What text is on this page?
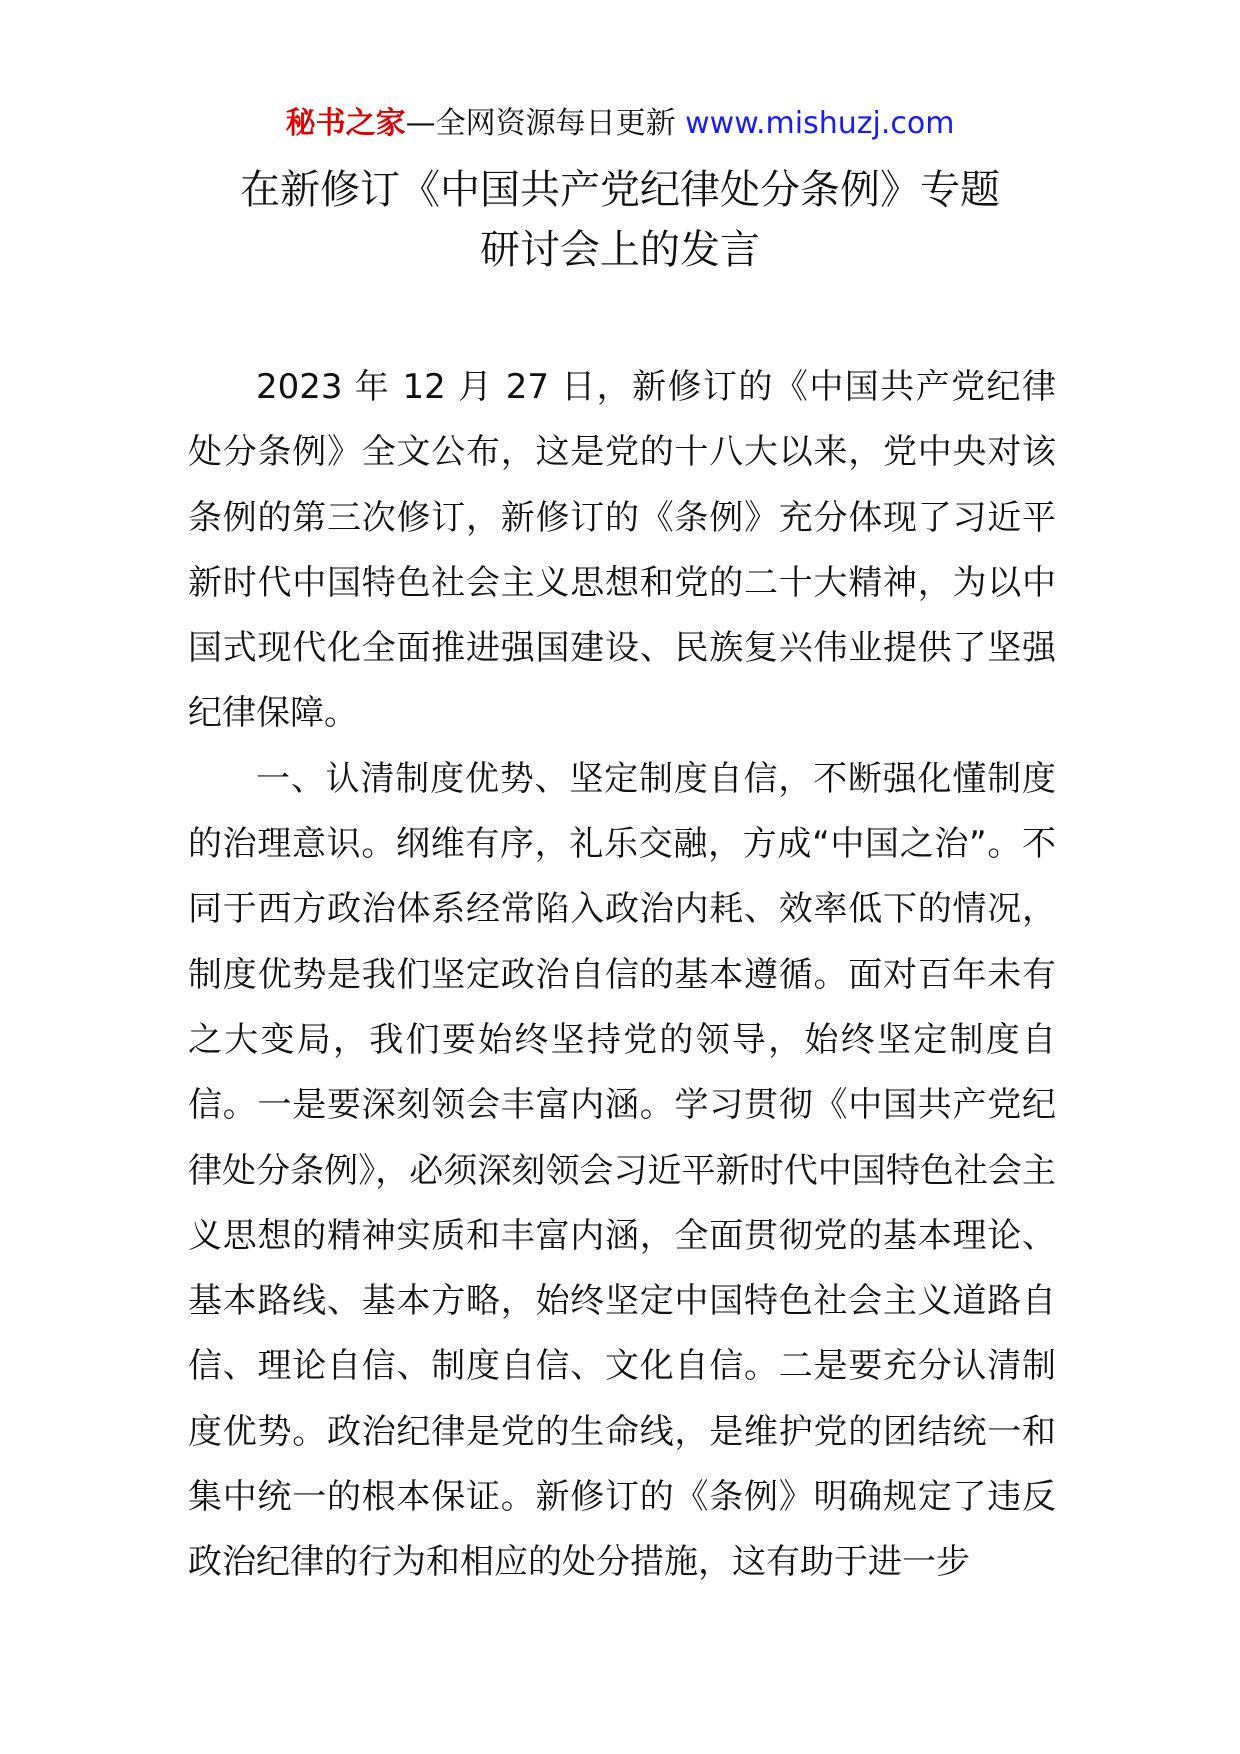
秘书之家—全网资源每日更新 www.mishuzj.com
在新修订《中国共产党纪律处分条例》专题
研讨会上的发言

2023 年 12 月 27 日，新修订的《中国共产党纪律处分条例》全文公布，这是党的十八大以来，党中央对该条例的第三次修订，新修订的《条例》充分体现了习近平新时代中国特色社会主义思想和党的二十大精神，为以中国式现代化全面推进强国建设、民族复兴伟业提供了坚强纪律保障。

一、认清制度优势、坚定制度自信，不断强化懂制度的治理意识。纲维有序，礼乐交融，方成“中国之治”。不同于西方政治体系经常陷入政治内耗、效率低下的情况，制度优势是我们坚定政治自信的基本遵循。面对百年未有之大变局，我们要始终坚持党的领导，始终坚定制度自信。一是要深刻领会丰富内涵。学习贯彻《中国共产党纪律处分条例》，必须深刻领会习近平新时代中国特色社会主义思想的精神实质和丰富内涵，全面贯彻党的基本理论、基本路线、基本方略，始终坚定中国特色社会主义道路自信、理论自信、制度自信、文化自信。二是要充分认清制度优势。政治纪律是党的生命线，是维护党的团结统一和集中统一的根本保证。新修订的《条例》明确规定了违反政治纪律的行为和相应的处分措施，这有助于进一步
